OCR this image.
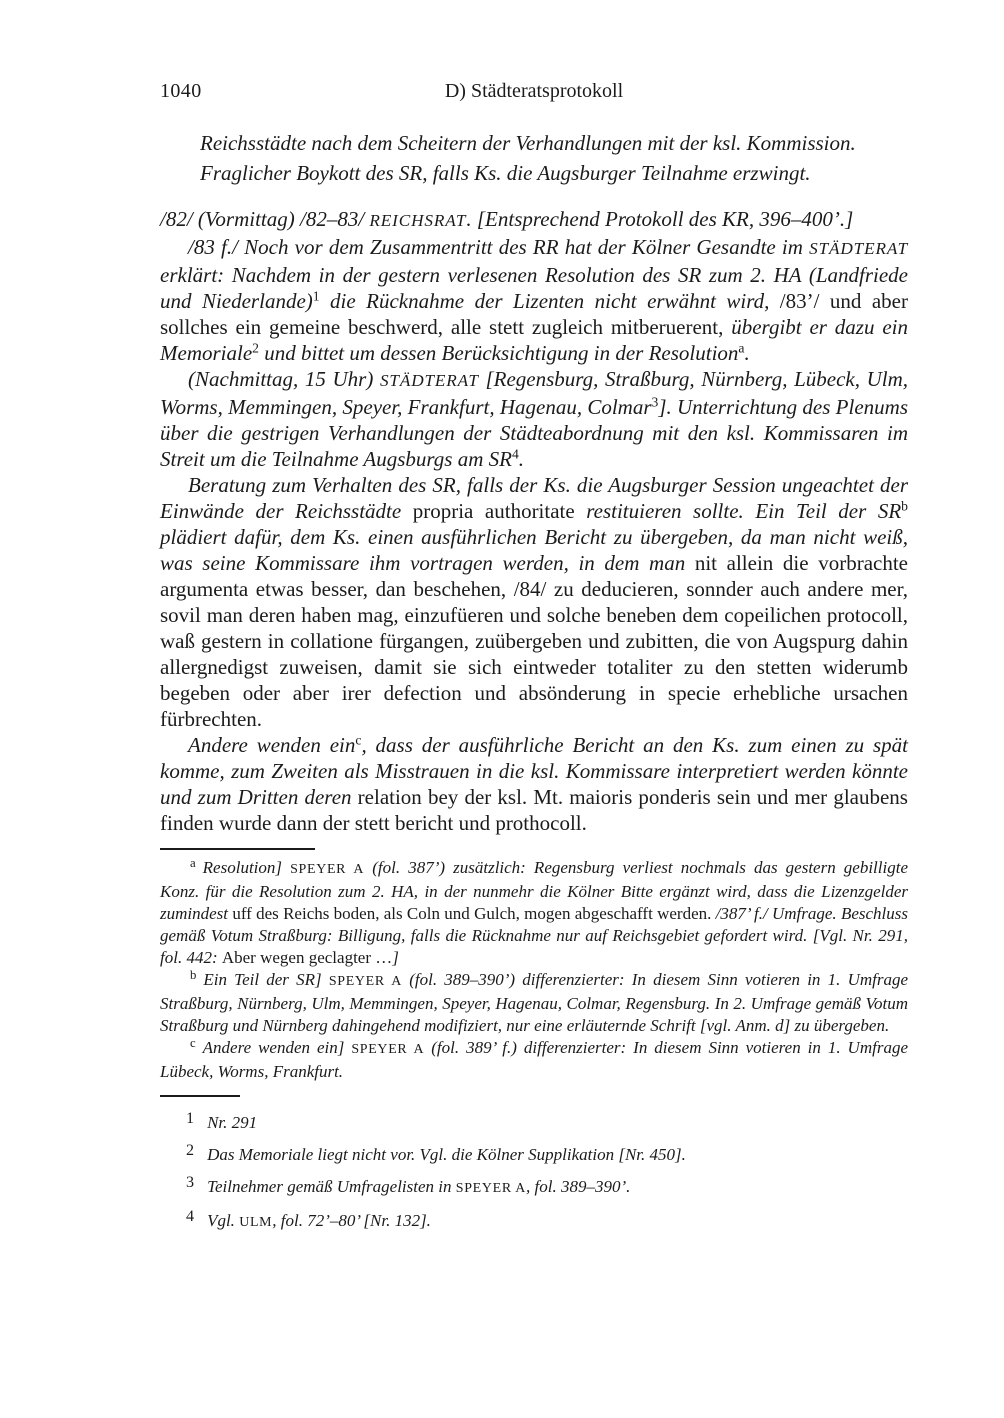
1040	D) Städteratsprotokoll
Reichsstädte nach dem Scheitern der Verhandlungen mit der ksl. Kommission.
Fraglicher Boykott des SR, falls Ks. die Augsburger Teilnahme erzwingt.

/82/ (Vormittag) /82–83/ REICHSRAT. [Entsprechend Protokoll des KR, 396–400’.]

/83 f./ Noch vor dem Zusammentritt des RR hat der Kölner Gesandte im STÄDTERAT erklärt: Nachdem in der gestern verlesenen Resolution des SR zum 2. HA (Landfriede und Niederlande)$^1$ die Rücknahme der Lizenten nicht erwähnt wird, /83’/ und aber sollches ein gemeine beschwerd, alle stett zugleich mitberuerent, übergibt er dazu ein Memoriale$^2$ und bittet um dessen Berücksichtigung in der Resolution$^a$.

(Nachmittag, 15 Uhr) STÄDTERAT [Regensburg, Straßburg, Nürnberg, Lübeck, Ulm, Worms, Memmingen, Speyer, Frankfurt, Hagenau, Colmar$^3$]. Unterrichtung des Plenums über die gestrigen Verhandlungen der Städteabordnung mit den ksl. Kommissaren im Streit um die Teilnahme Augsburgs am $SR^4$.

Beratung zum Verhalten des SR, falls der Ks. die Augsburger Session ungeachtet der Einwände der Reichsstädte propria authoritate restituieren sollte. Ein Teil der $SR^b$ plädiert dafür, dem Ks. einen ausführlichen Bericht zu übergeben, da man nicht weiß, was seine Kommissare ihm vortragen werden, in dem man nit allein die vorbrachte argumenta etwas besser, dan beschehen, /84/ zu deducieren, sonnder auch andere mer, sovil man deren haben mag, einzufüeren und solche beneben dem copeilichen protocoll, waß gestern in collatione fürgangen, zuübergeben und zubitten, die von Augspurg dahin allergnedigst zuweisen, damit sie sich eintweder totaliter zu den stetten widerumb begeben oder aber irer defection und absönderung in specie erhebliche ursachen fürbrechten.

Andere wenden ein$^c$, dass der ausführliche Bericht an den Ks. zum einen zu spät komme, zum Zweiten als Misstrauen in die ksl. Kommissare interpretiert werden könnte und zum Dritten deren relation bey der ksl. Mt. maioris ponderis sein und mer glaubens finden wurde dann der stett bericht und prothocoll.

$^a$ Resolution] SPEYER A (fol. 387’) zusätzlich: Regensburg verliest nochmals das gestern gebilligte Konz. für die Resolution zum 2. HA, in der nunmehr die Kölner Bitte ergänzt wird, dass die Lizenzgelder zumindest uff des Reichs boden, als Coln und Gulch, mogen abgeschafft werden. /387’ f./ Umfrage. Beschluss gemäß Votum Straßburg: Billigung, falls die Rücknahme nur auf Reichsgebiet gefordert wird. [Vgl. Nr. 291, fol. 442: Aber wegen geclagter …]

$^b$ Ein Teil der SR] SPEYER A (fol. 389–390’) differenzierter: In diesem Sinn votieren in 1. Umfrage Straßburg, Nürnberg, Ulm, Memmingen, Speyer, Hagenau, Colmar, Regensburg. In 2. Umfrage gemäß Votum Straßburg und Nürnberg dahingehend modifiziert, nur eine erläuternde Schrift [vgl. Anm. d] zu übergeben.

$^c$ Andere wenden ein] SPEYER A (fol. 389’ f.) differenzierter: In diesem Sinn votieren in 1. Umfrage Lübeck, Worms, Frankfurt.

1 Nr. 291
2 Das Memoriale liegt nicht vor. Vgl. die Kölner Supplikation [Nr. 450].
3 Teilnehmer gemäß Umfragelisten in SPEYER A, fol. 389–390’.
4 Vgl. ULM, fol. 72’–80’ [Nr. 132].
